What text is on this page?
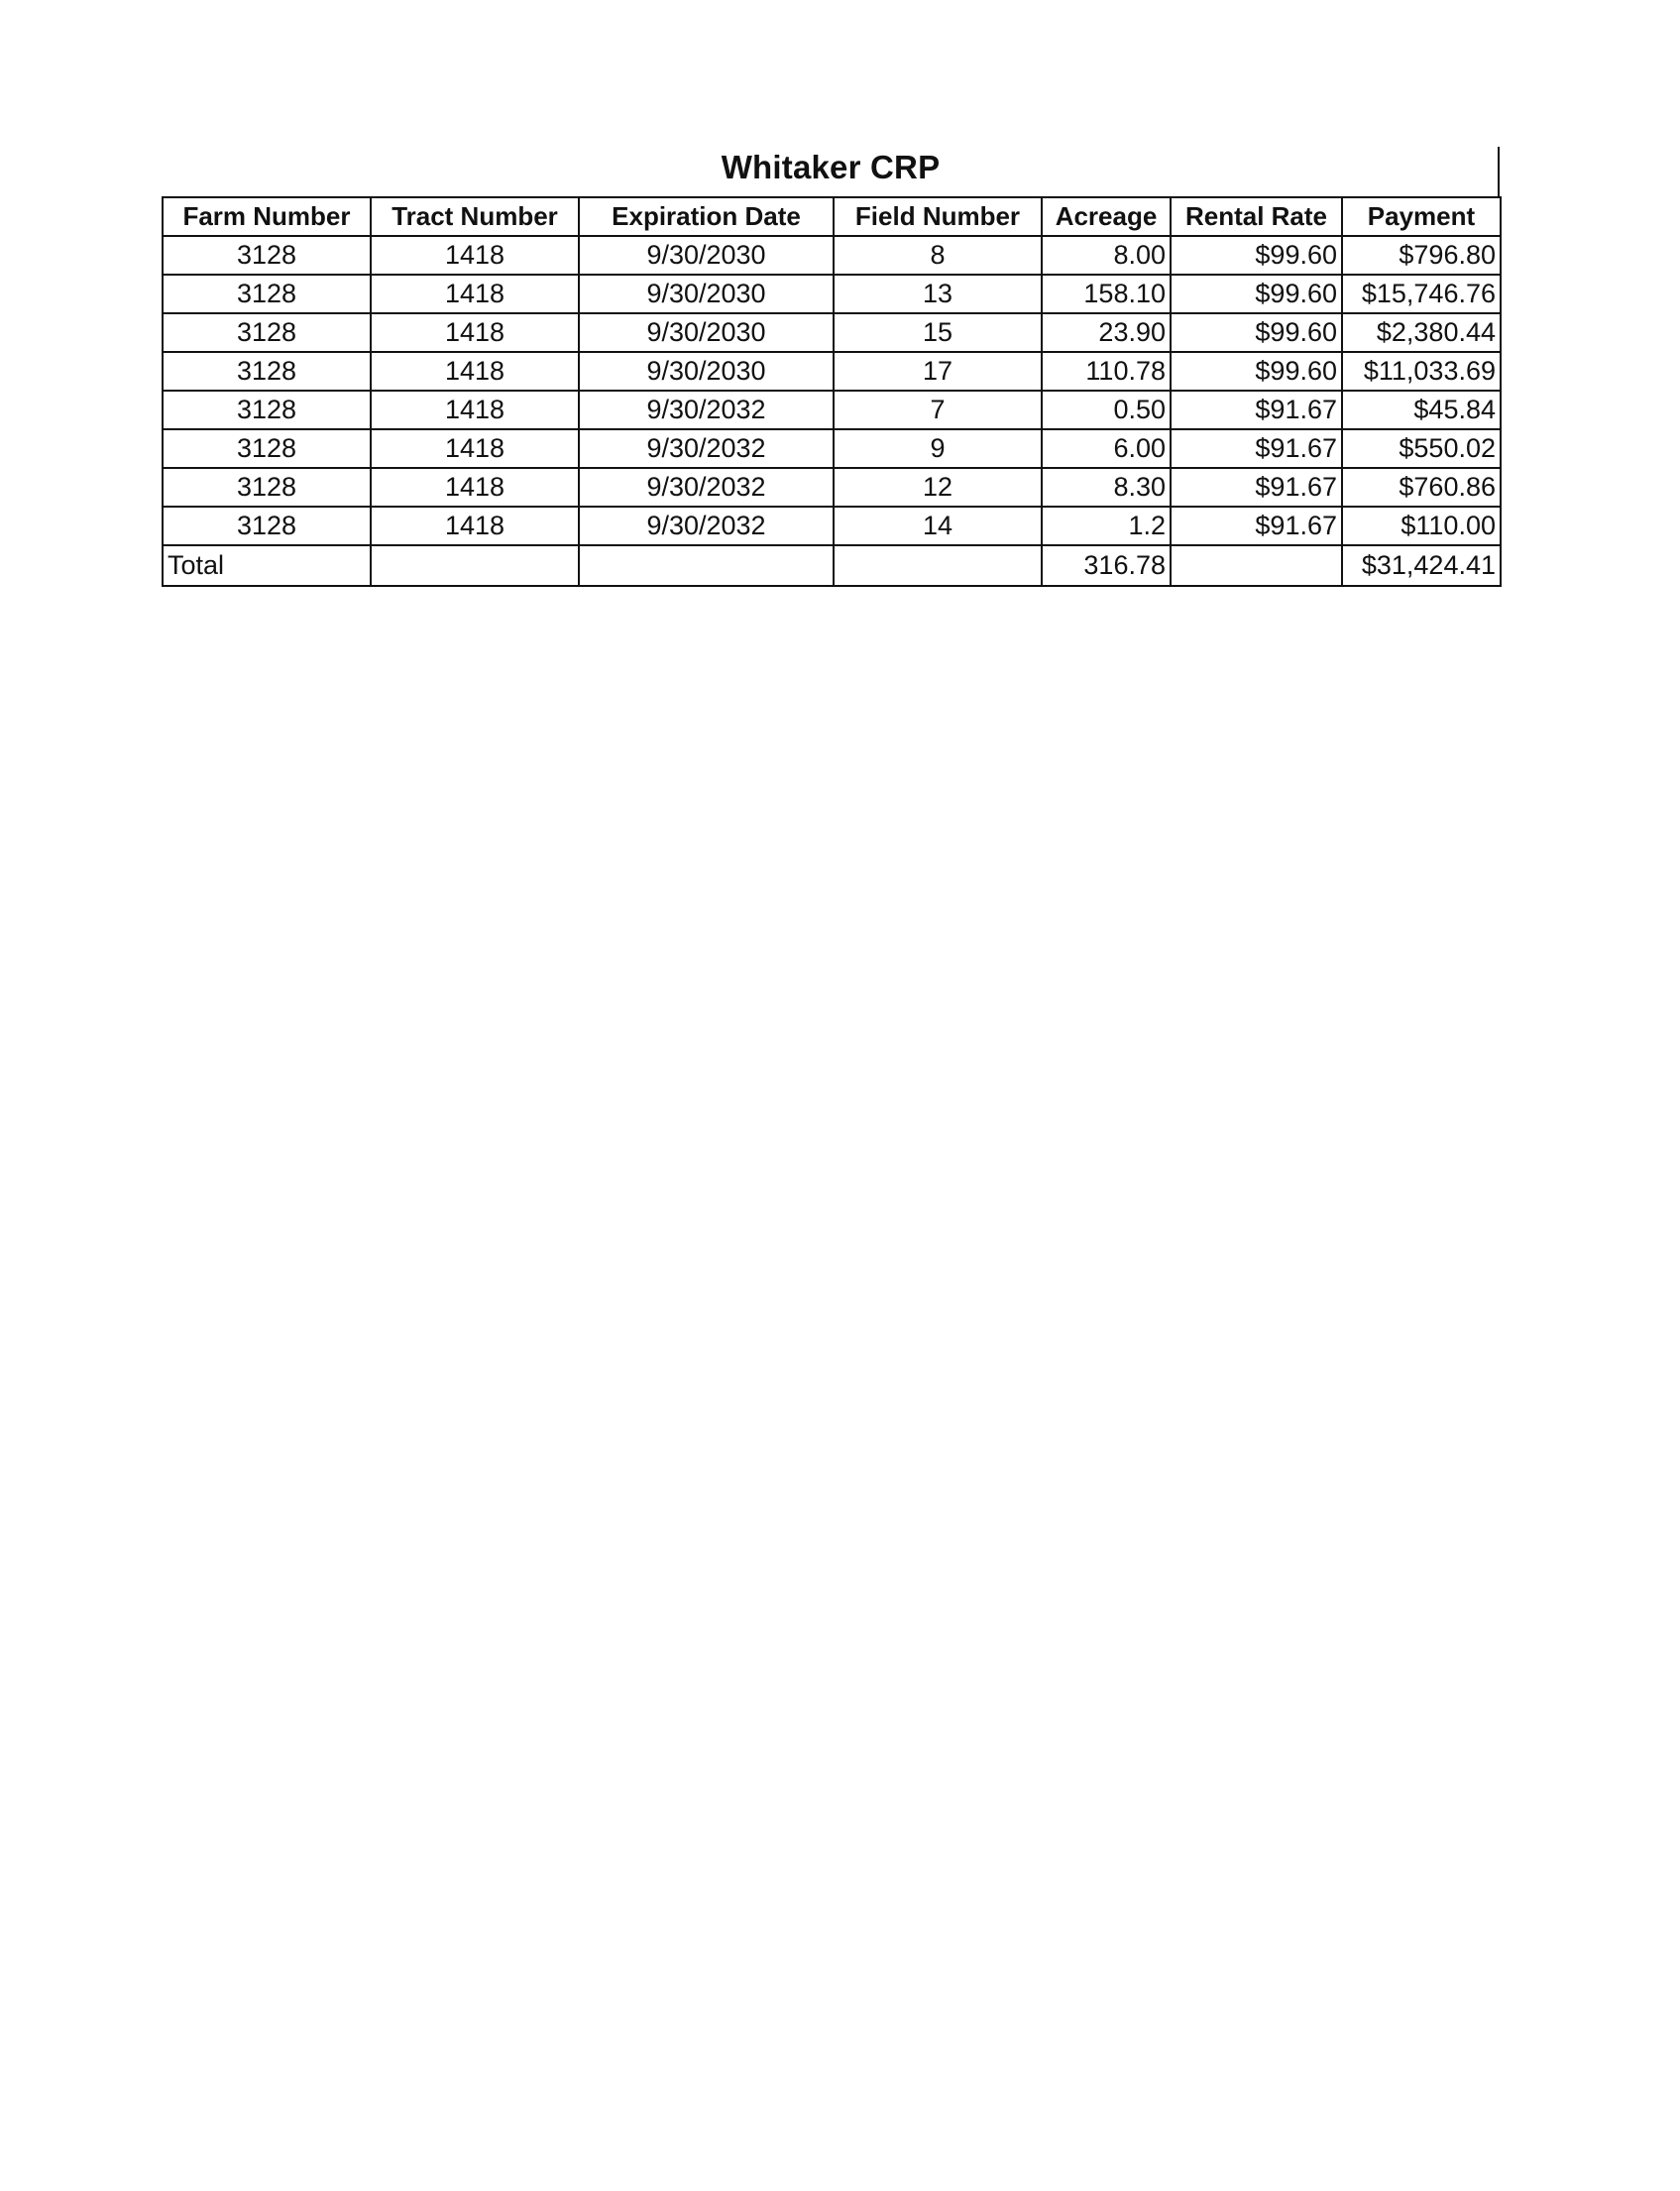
Whitaker CRP
Farm Number	Tract Number	Expiration Date	Field Number	Acreage	Rental Rate	Payment
3128	1418	9/30/2030	8	8.00	$99.60	$796.80
3128	1418	9/30/2030	13	158.10	$99.60	$15,746.76
3128	1418	9/30/2030	15	23.90	$99.60	$2,380.44
3128	1418	9/30/2030	17	110.78	$99.60	$11,033.69
3128	1418	9/30/2032	7	0.50	$91.67	$45.84
3128	1418	9/30/2032	9	6.00	$91.67	$550.02
3128	1418	9/30/2032	12	8.30	$91.67	$760.86
3128	1418	9/30/2032	14	1.2	$91.67	$110.00
Total				316.78		$31,424.41
